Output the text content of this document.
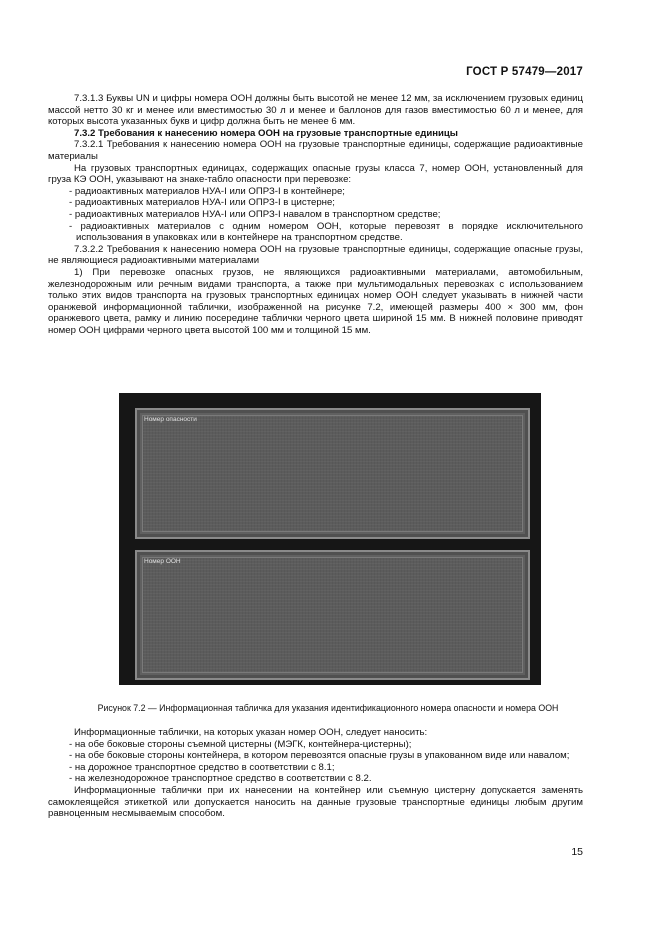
ГОСТ Р 57479—2017

7.3.1.3 Буквы UN и цифры номера ООН должны быть высотой не менее 12 мм, за исключением грузовых единиц массой нетто 30 кг и менее или вместимостью 30 л и менее и баллонов для газов вместимостью 60 л и менее, для которых высота указанных букв и цифр должна быть не менее 6 мм.

7.3.2 Требования к нанесению номера ООН на грузовые транспортные единицы

7.3.2.1 Требования к нанесению номера ООН на грузовые транспортные единицы, содержащие радиоактивные материалы

На грузовых транспортных единицах, содержащих опасные грузы класса 7, номер ООН, установленный для груза КЭ ООН, указывают на знаке-табло опасности при перевозке:

- радиоактивных материалов НУА-I или ОПРЗ-I в контейнере;

- радиоактивных материалов НУА-I или ОПРЗ-I в цистерне;

- радиоактивных материалов НУА-I или ОПРЗ-I навалом в транспортном средстве;

- радиоактивных материалов с одним номером ООН, которые перевозят в порядке исключительного использования в упаковках или в контейнере на транспортном средстве.

7.3.2.2 Требования к нанесению номера ООН на грузовые транспортные единицы, содержащие опасные грузы, не являющиеся радиоактивными материалами

1) При перевозке опасных грузов, не являющихся радиоактивными материалами, автомобильным, железнодорожным или речным видами транспорта, а также при мультимодальных перевозках с использованием только этих видов транспорта на грузовых транспортных единицах номер ООН следует указывать в нижней части оранжевой информационной таблички, изображенной на рисунке 7.2, имеющей размеры 400 × 300 мм, фон оранжевого цвета, рамку и линию посередине таблички черного цвета шириной 15 мм. В нижней половине приводят номер ООН цифрами черного цвета высотой 100 мм и толщиной 15 мм.

Номер опасности
Номер ООН
Рисунок 7.2 — Информационная табличка для указания идентификационного номера опасности и номера ООН

Информационные таблички, на которых указан номер ООН, следует наносить:

- на обе боковые стороны съемной цистерны (МЭГК, контейнера-цистерны);

- на обе боковые стороны контейнера, в котором перевозятся опасные грузы в упакованном виде или навалом;

- на дорожное транспортное средство в соответствии с 8.1;

- на железнодорожное транспортное средство в соответствии с 8.2.

Информационные таблички при их нанесении на контейнер или съемную цистерну допускается заменять самоклеящейся этикеткой или допускается наносить на данные грузовые транспортные единицы любым другим равноценным несмываемым способом.

15
